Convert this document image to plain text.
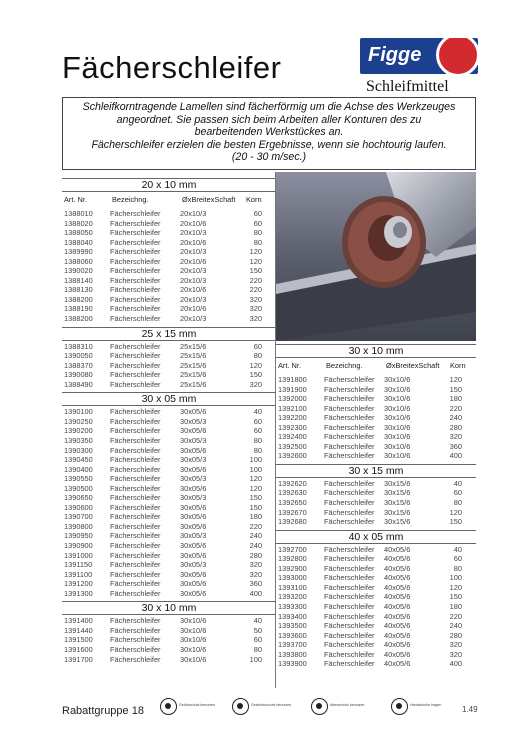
Fächerschleifer	Figge
Schleifmittel
Schleifkorntragende Lamellen sind fächerförmig um die Achse des Werkzeuges
angeordnet. Sie passen sich beim Arbeiten aller Konturen des zu
bearbeitenden Werkstückes an.
Fächerschleifer erzielen die besten Ergebnisse, wenn sie hochtourig laufen.
(20 - 30 m/sec.)
20 x 10 mm
Art. Nr.	Bezeichng.	ØxBreitexSchaft Korn
1388010	Fächerschleifer	20x10/3	60
1388020	Fächerschleifer	20x10/6	60
1388050	Fächerschleifer	20x10/3	80
1388040	Fächerschleifer	20x10/6	80
1389990	Fächerschleifer	20x10/3	120
1388060	Fächerschleifer	20x10/6	120
1390020	Fächerschleifer	20x10/3	150
1388140	Fächerschleifer	20x10/3	220
1388130	Fächerschleifer	20x10/6	220
1388200	Fächerschleifer	20x10/3	320
1388190	Fächerschleifer	20x10/6	320
1388200	Fächerschleifer	20x10/3	320
25 x 15 mm
1388310	Fächerschleifer	25x15/6	60
1390050	Fächerschleifer	25x15/6	80
1388370	Fächerschleifer	25x15/6	120
1390080	Fächerschleifer	25x15/6	150
1388490	Fächerschleifer	25x15/6	320
30 x 05 mm
1390100	Fächerschleifer	30x05/6	40
1390250	Fächerschleifer	30x05/3	60
1390200	Fächerschleifer	30x05/6	60
1390350	Fächerschleifer	30x05/3	80
1390300	Fächerschleifer	30x05/6	80
1390450	Fächerschleifer	30x05/3	100
1390400	Fächerschleifer	30x05/6	100
1390550	Fächerschleifer	30x05/3	120
1390500	Fächerschleifer	30x05/6	120
1390650	Fächerschleifer	30x05/3	150
1390600	Fächerschleifer	30x05/6	150
1390700	Fächerschleifer	30x05/6	180
1390800	Fächerschleifer	30x05/6	220
1390950	Fächerschleifer	30x05/3	240
1390900	Fächerschleifer	30x05/6	240
1391000	Fächerschleifer	30x05/6	280
1391150	Fächerschleifer	30x05/3	320
1391100	Fächerschleifer	30x05/6	320
1391200	Fächerschleifer	30x05/6	360
1391300	Fächerschleifer	30x05/6	400
30 x 10 mm
1391400	Fächerschleifer	30x10/6	40
1391440	Fächerschleifer	30x10/6	50
1391500	Fächerschleifer	30x10/6	60
1391600	Fächerschleifer	30x10/6	80
1391700	Fächerschleifer	30x10/6	100
30 x 10 mm
Art. Nr.	Bezeichng.	ØxBreitexSchaft Korn
1391800	Fächerschleifer	30x10/6	120
1391900	Fächerschleifer	30x10/6	150
1392000	Fächerschleifer	30x10/6	180
1392100	Fächerschleifer	30x10/6	220
1392200	Fächerschleifer	30x10/6	240
1392300	Fächerschleifer	30x10/6	280
1392400	Fächerschleifer	30x10/6	320
1392500	Fächerschleifer	30x10/6	360
1392600	Fächerschleifer	30x10/6	400
30 x 15 mm
1392620	Fächerschleifer	30x15/6	40
1392630	Fächerschleifer	30x15/6	60
1392650	Fächerschleifer	30x15/6	80
1392670	Fächerschleifer	30x15/6	120
1392680	Fächerschleifer	30x15/6	150
40 x 05 mm
1392700	Fächerschleifer	40x05/6	40
1392800	Fächerschleifer	40x05/6	60
1392900	Fächerschleifer	40x05/6	80
1393000	Fächerschleifer	40x05/6	100
1393100	Fächerschleifer	40x05/6	120
1393200	Fächerschleifer	40x05/6	150
1393300	Fächerschleifer	40x05/6	180
1393400	Fächerschleifer	40x05/6	220
1393500	Fächerschleifer	40x05/6	240
1393600	Fächerschleifer	40x05/6	280
1393700	Fächerschleifer	40x05/6	320
1393800	Fächerschleifer	40x05/6	320
1393900	Fächerschleifer	40x05/6	400
Rabattgruppe 18	Gehörschutz benutzen	Gesichtsschutz benutzen	Atemschutz benutzen	Handschuhe tragen	1.49
